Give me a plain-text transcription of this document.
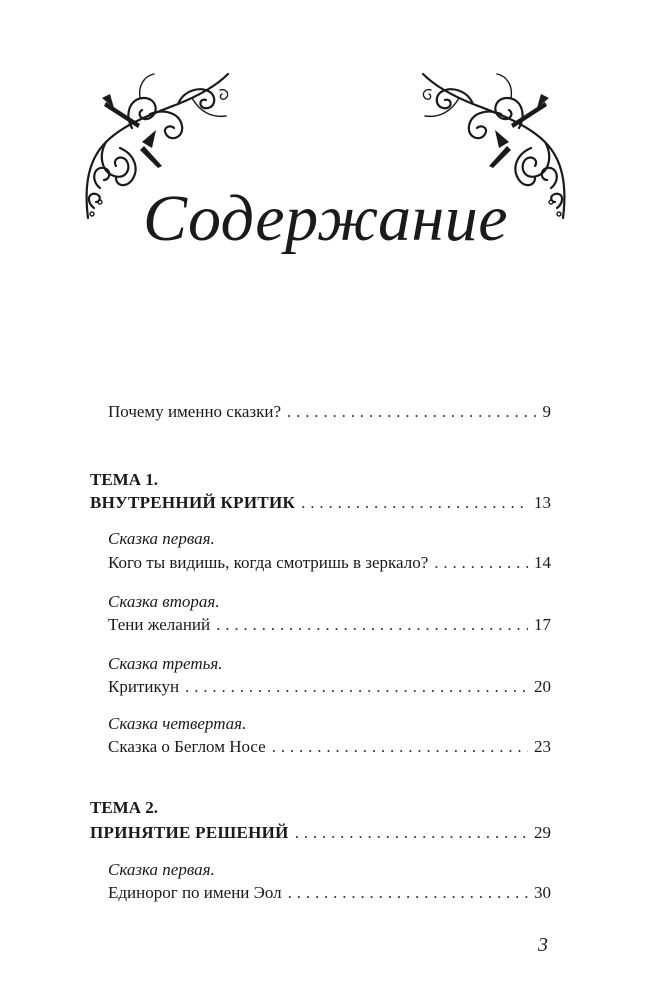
Содержание
Почему именно сказки? . . .	9
ТЕМА 1.
ВНУТРЕННИЙ КРИТИК . . .	13
Сказка первая.
Кого ты видишь, когда смотришь в зеркало? . . .	14
Сказка вторая.
Тени желаний . . .	17
Сказка третья.
Критикун . . .	20
Сказка четвертая.
Сказка о Беглом Носе . . .	23
ТЕМА 2.
ПРИНЯТИЕ РЕШЕНИЙ . . .	29
Сказка первая.
Единорог по имени Эол . . .	30
3
